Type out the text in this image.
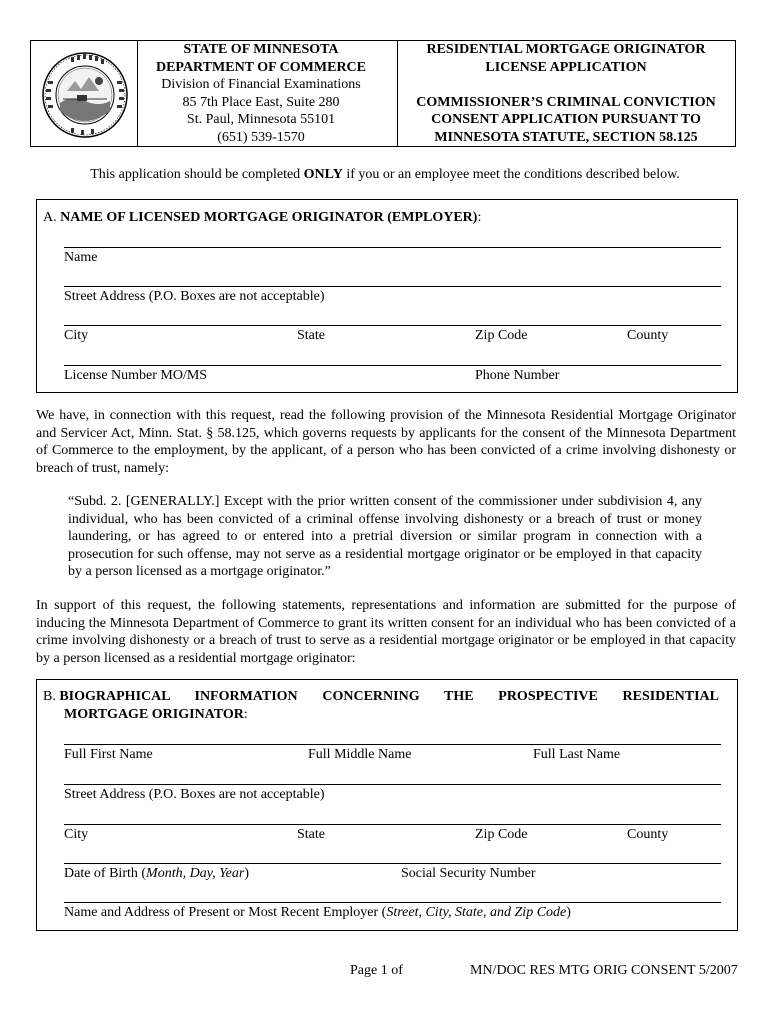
STATE OF MINNESOTA
DEPARTMENT OF COMMERCE
Division of Financial Examinations
85 7th Place East, Suite 280
St. Paul, Minnesota 55101
(651) 539-1570
RESIDENTIAL MORTGAGE ORIGINATOR
LICENSE APPLICATION
COMMISSIONER’S CRIMINAL CONVICTION
CONSENT APPLICATION PURSUANT TO
MINNESOTA STATUTE, SECTION 58.125
This application should be completed ONLY if you or an employee meet the conditions described below.
A. NAME OF LICENSED MORTGAGE ORIGINATOR (EMPLOYER):
Name
Street Address (P.O. Boxes are not acceptable)
City	State	Zip Code	County
License Number MO/MS	Phone Number
We have, in connection with this request, read the following provision of the Minnesota Residential Mortgage Originator and Servicer Act, Minn. Stat. § 58.125, which governs requests by applicants for the consent of the Minnesota Department of Commerce to the employment, by the applicant, of a person who has been convicted of a crime involving dishonesty or breach of trust, namely:
“Subd. 2. [GENERALLY.] Except with the prior written consent of the commissioner under subdivision 4, any individual, who has been convicted of a criminal offense involving dishonesty or a breach of trust or money laundering, or has agreed to or entered into a pretrial diversion or similar program in connection with a prosecution for such offense, may not serve as a residential mortgage originator or be employed in that capacity by a person licensed as a mortgage originator.”
In support of this request, the following statements, representations and information are submitted for the purpose of inducing the Minnesota Department of Commerce to grant its written consent for an individual who has been convicted of a crime involving dishonesty or a breach of trust to serve as a residential mortgage originator or be employed in that capacity by a person licensed as a residential mortgage originator:
B. BIOGRAPHICAL INFORMATION CONCERNING THE PROSPECTIVE RESIDENTIAL
MORTGAGE ORIGINATOR:
Full First Name	Full Middle Name	Full Last Name
Street Address (P.O. Boxes are not acceptable)
City	State	Zip Code	County
Date of Birth (Month, Day, Year)	Social Security Number
Name and Address of Present or Most Recent Employer (Street, City, State, and Zip Code)
Page 1 of	MN/DOC RES MTG ORIG CONSENT 5/2007
